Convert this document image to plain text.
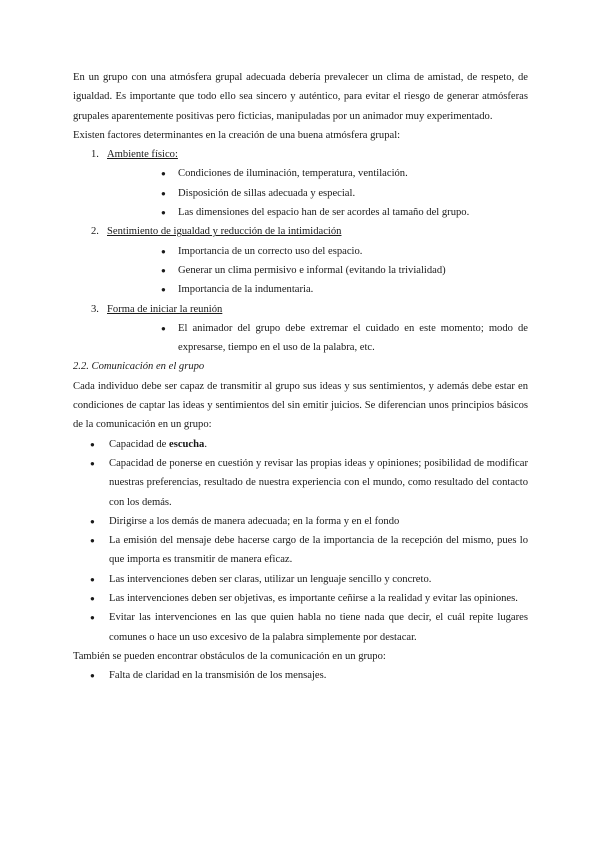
En un grupo con una atmósfera grupal adecuada debería prevalecer un clima de amistad, de respeto, de igualdad. Es importante que todo ello sea sincero y auténtico, para evitar el riesgo de generar atmósferas grupales aparentemente positivas pero ficticias, manipuladas por un animador muy experimentado.

Existen factores determinantes en la creación de una buena atmósfera grupal:

1. Ambiente físico:
● Condiciones de iluminación, temperatura, ventilación.
● Disposición de sillas adecuada y especial.
● Las dimensiones del espacio han de ser acordes al tamaño del grupo.
2. Sentimiento de igualdad y reducción de la intimidación
● Importancia de un correcto uso del espacio.
● Generar un clima permisivo e informal (evitando la trivialidad)
● Importancia de la indumentaria.
3. Forma de iniciar la reunión
● El animador del grupo debe extremar el cuidado en este momento; modo de expresarse, tiempo en el uso de la palabra, etc.

2.2. Comunicación en el grupo

Cada individuo debe ser capaz de transmitir al grupo sus ideas y sus sentimientos, y además debe estar en condiciones de captar las ideas y sentimientos del sin emitir juicios. Se diferencian unos principios básicos de la comunicación en un grupo:

● Capacidad de escucha.
● Capacidad de ponerse en cuestión y revisar las propias ideas y opiniones; posibilidad de modificar nuestras preferencias, resultado de nuestra experiencia con el mundo, como resultado del contacto con los demás.
● Dirigirse a los demás de manera adecuada; en la forma y en el fondo
● La emisión del mensaje debe hacerse cargo de la importancia de la recepción del mismo, pues lo que importa es transmitir de manera eficaz.
● Las intervenciones deben ser claras, utilizar un lenguaje sencillo y concreto.
● Las intervenciones deben ser objetivas, es importante ceñirse a la realidad y evitar las opiniones.
● Evitar las intervenciones en las que quien habla no tiene nada que decir, el cuál repite lugares comunes o hace un uso excesivo de la palabra simplemente por destacar.

También se pueden encontrar obstáculos de la comunicación en un grupo:

● Falta de claridad en la transmisión de los mensajes.
